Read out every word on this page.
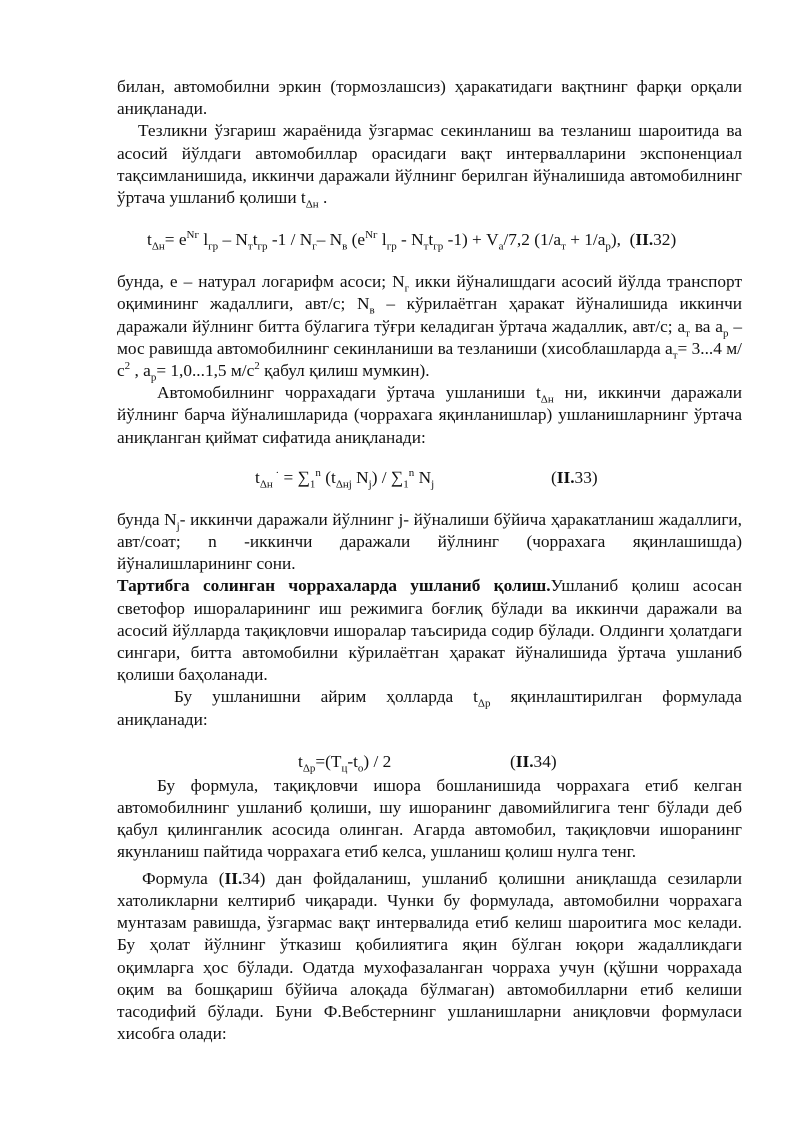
билан, автомобилни эркин (тормозлашсиз) ҳаракатидаги вақтнинг фарқи орқали аниқланади.

Тезликни ўзгариш жараёнида ўзгармас секинланиш ва тезланиш шароитида ва асосий йўлдаги автомобиллар орасидаги вақт интервалларини экспоненциал тақсимланишида, иккинчи даражали йўлнинг берилган йўналишида автомобилнинг ўртача ушланиб қолиши $t_{\Delta н}$ .

$t_{\Delta н}= e^{Nг}$ $l_{гр} - N_тt_{гр}$ $-1 / N_г-$ $N_в$ ($e^{Nг}$ $l_{гр} - N_тt_{гр}$ $-1) + V_а/7,2$ $(1/a_т + 1/a_р)$, (II.32)

бунда, e – натурал логарифм асоси; $N_г$ икки йўналишдаги асосий йўлда транспорт оқимининг жадаллиги, авт/с; $N_в$ – кўрилаётган ҳаракат йўналишида иккинчи даражали йўлнинг битта бўлагига тўғри келадиган ўртача жадаллик, авт/с; $a_т$ ва $a_р$ – мос равишда автомобилнинг секинланиши ва тезланиши (хисоблашларда $a_т= 3...4$ $м/с^2$ , $a_р= 1,0...1,5$ $м/с^2$ қабул қилиш мумкин).

Автомобилнинг чоррахадаги ўртача ушланиши $t_{\Delta н}$ ни, иккинчи даражали йўлнинг барча йўналишларида (чоррахага яқинланишлар) ушланишларнинг ўртача аниқланган қиймат сифатида аниқланади:

$t_{\Delta н}$ $^\cdot = \sum_1^n$ ($t_{\Delta нj}$ $N_j) / \sum_1^n$ $N_j$	(II.33)

бунда $N_j-$ иккинчи даражали йўлнинг j- йўналиши бўйича ҳаракатланиш жадаллиги, авт/соат; n -иккинчи даражали йўлнинг (чоррахага яқинлашишда) йўналишларининг сони.

Тартибга солинган чоррахаларда ушланиб қолиш.Ушланиб қолиш асосан светофор ишораларининг иш режимига боғлиқ бўлади ва иккинчи даражали ва асосий йўлларда тақиқловчи ишоралар таъсирида содир бўлади. Олдинги ҳолатдаги сингари, битта автомобилни кўрилаётган ҳаракат йўналишида ўртача ушланиб қолиши баҳоланади.

Бу ушланишни айрим ҳолларда $t_{\Delta р}$ яқинлаштирилган формулада аниқланади:

$t_{\Delta р}=(T_ц-t_о) / 2$	(II.34)

Бу формула, тақиқловчи ишора бошланишида чоррахага етиб келган автомобилнинг ушланиб қолиши, шу ишоранинг давомийлигига тенг бўлади деб қабул қилинганлик асосида олинган. Агарда автомобил, тақиқловчи ишоранинг якунланиш пайтида чоррахага етиб келса, ушланиш қолиш нулга тенг.

Формула (II.34) дан фойдаланиш, ушланиб қолишни аниқлашда сезиларли хатоликларни келтириб чиқаради. Чунки бу формулада, автомобилни чоррахага мунтазам равишда, ўзгармас вақт интервалида етиб келиш шароитига мос келади. Бу ҳолат йўлнинг ўтказиш қобилиятига яқин бўлган юқори жадалликдаги оқимларга ҳос бўлади. Одатда мухофазаланган чорраха учун (қўшни чоррахада оқим ва бошқариш бўйича алоқада бўлмаган) автомобилларни етиб келиши тасодифий бўлади. Буни Ф.Вебстернинг ушланишларни аниқловчи формуласи хисобга олади:
